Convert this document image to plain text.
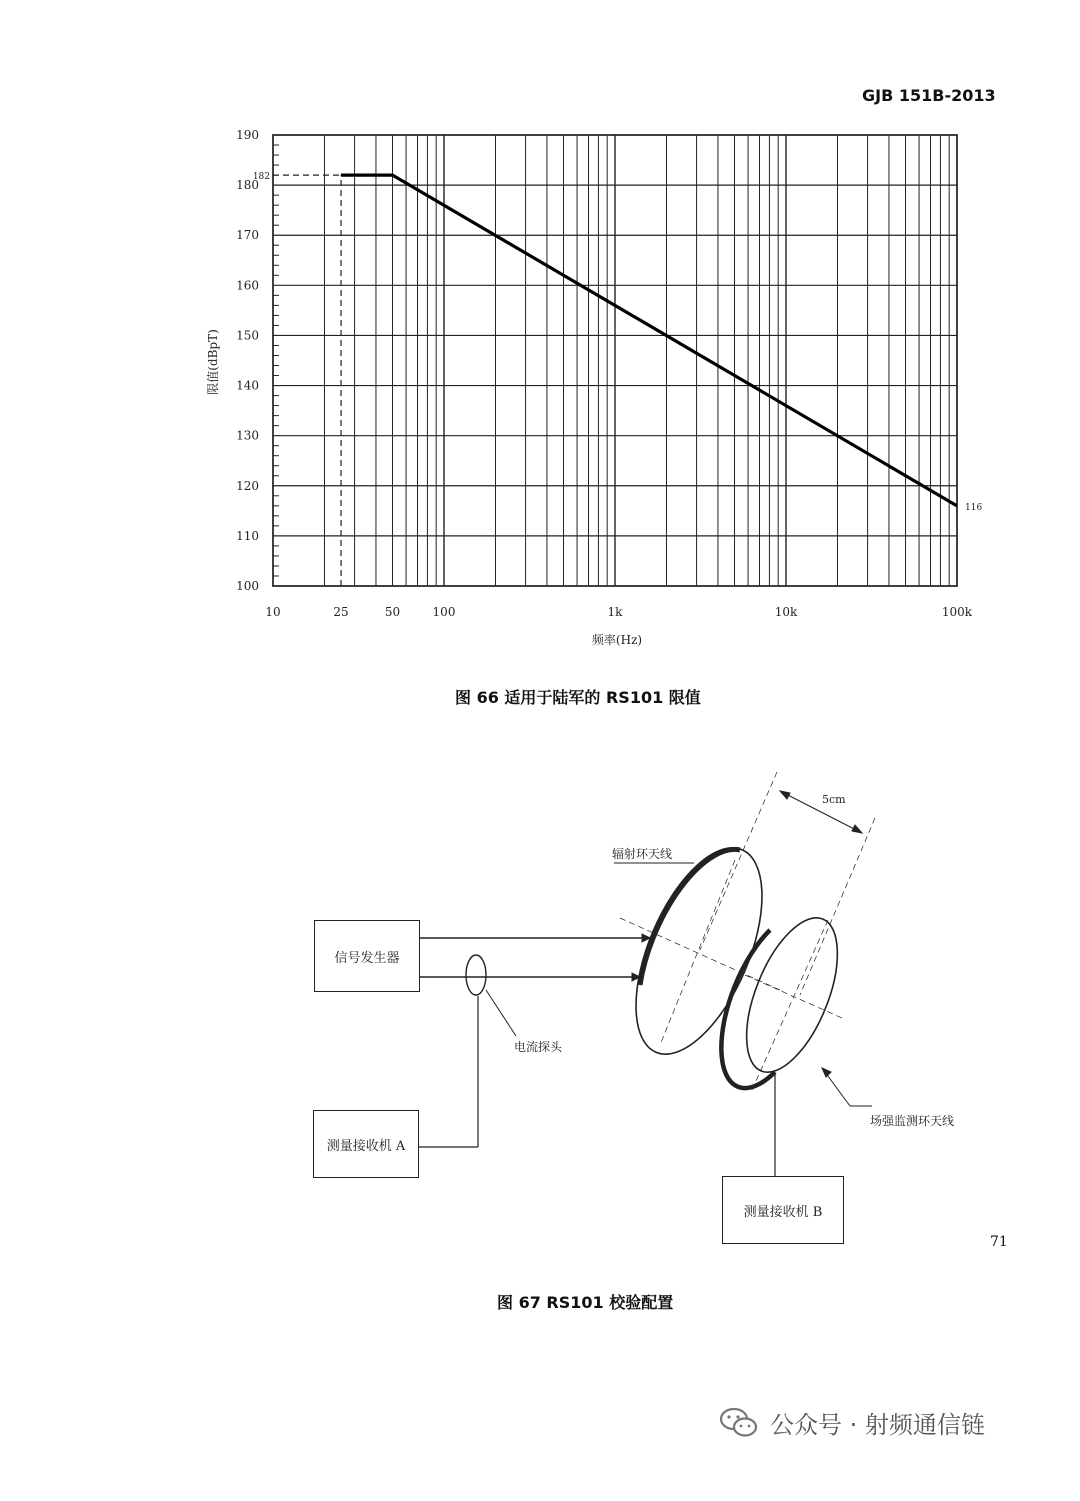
GJB 151B-2013
100
110
120
130
140
150
160
170
180
190
10	25	50	100	1k	10k	100k
182
116
限值(dBpT)
频率(Hz)
图 66 适用于陆军的 RS101 限值
信号发生器
测量接收机 A
测量接收机 B
辐射环天线
电流探头
场强监测环天线
5cm
图 67 RS101 校验配置
71
公众号 · 射频通信链
